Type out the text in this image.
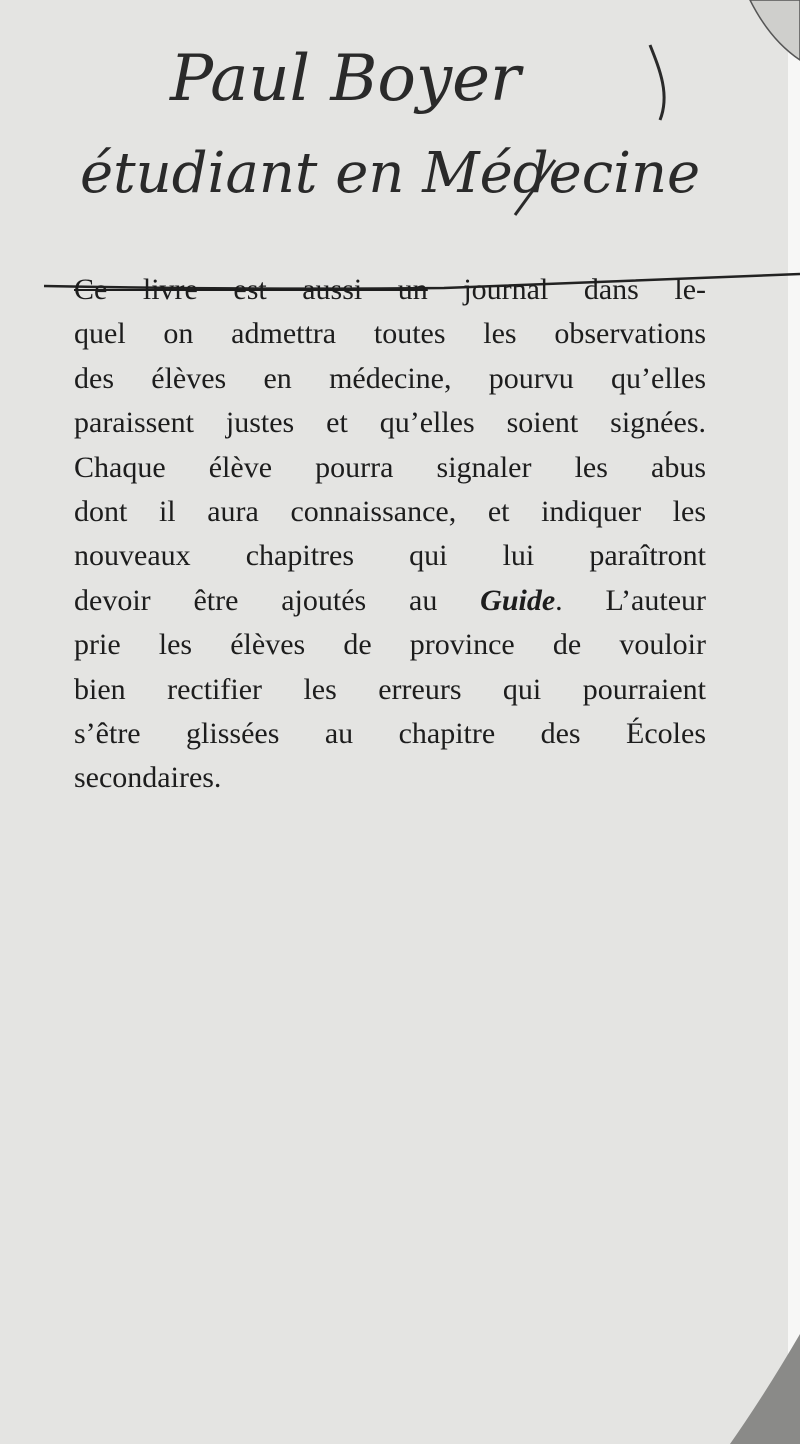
Paul Boyer
étudiant en Médecine
Ce livre est aussi un journal dans le-
quel on admettra toutes les observations
des élèves en médecine, pourvu qu’elles
paraissent justes et qu’elles soient signées.
Chaque élève pourra signaler les abus
dont il aura connaissance, et indiquer les
nouveaux chapitres qui lui paraîtront
devoir être ajoutés au Guide. L’auteur
prie les élèves de province de vouloir
bien rectifier les erreurs qui pourraient
s’être glissées au chapitre des Écoles
secondaires.
